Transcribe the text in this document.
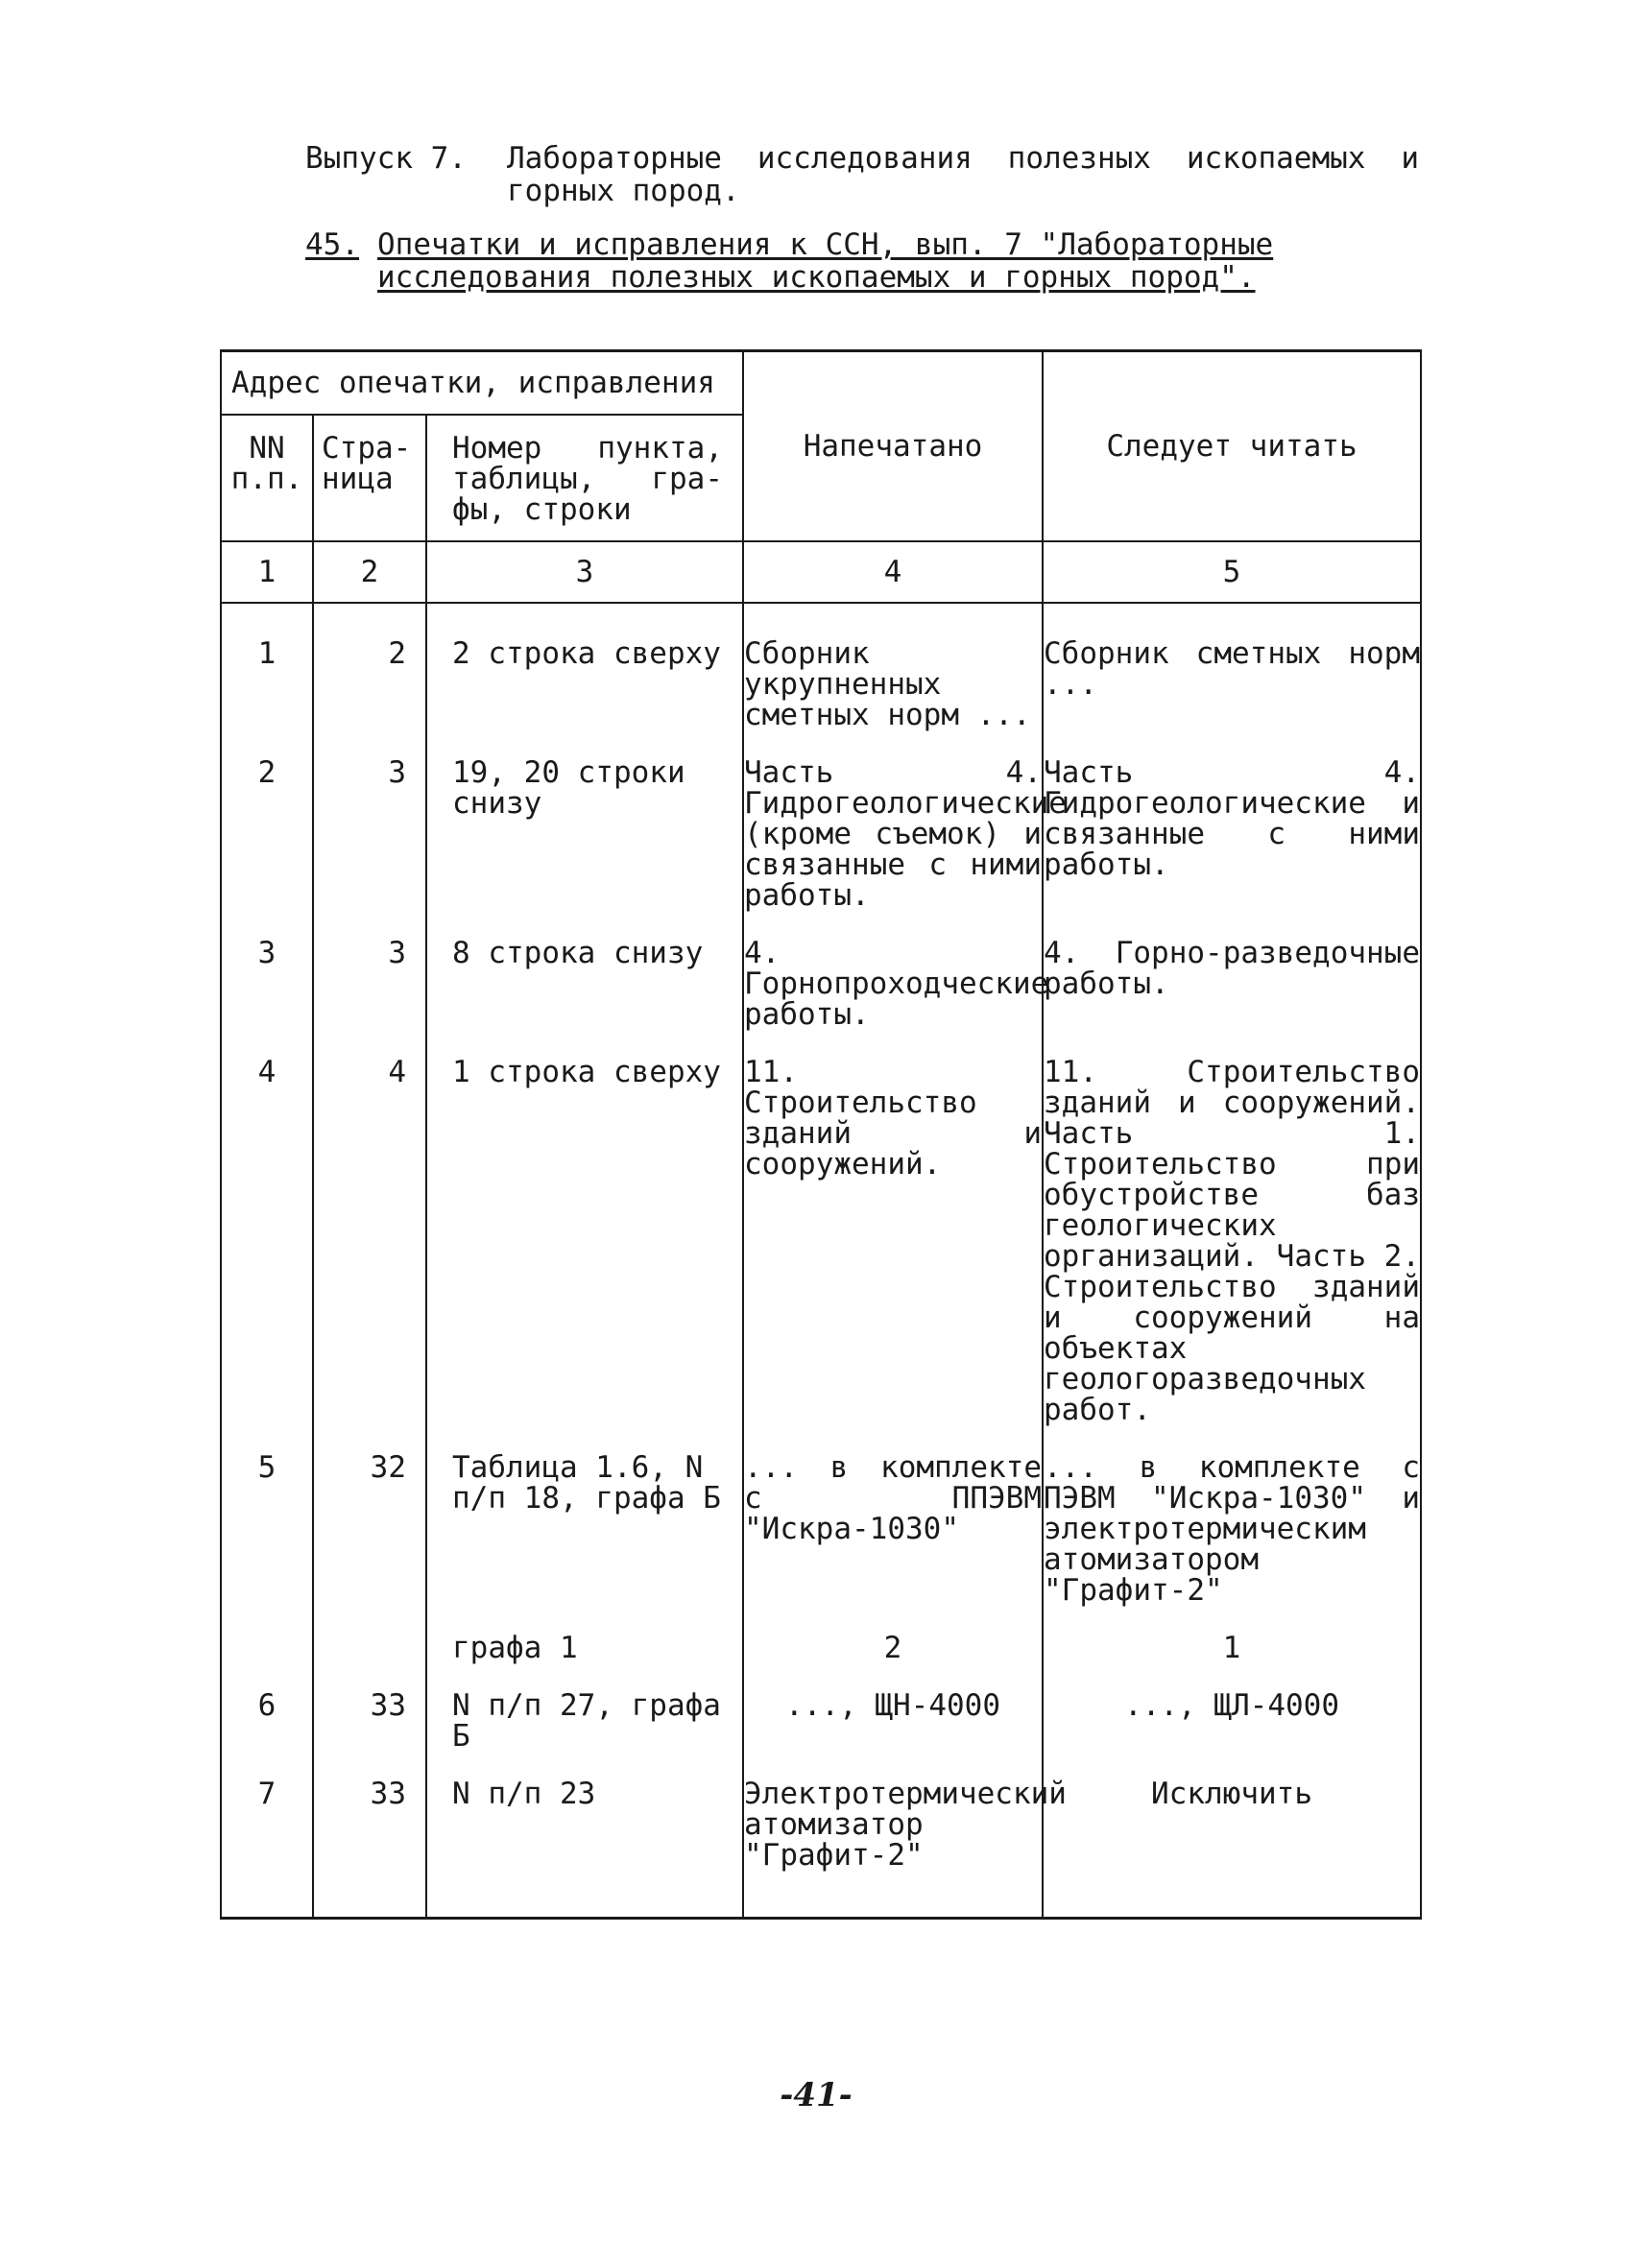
Выпуск 7.	Лабораторные исследования полезных ископаемых и горных пород.
45. Опечатки и исправления к ССН, вып. 7 "Лабораторные исследования полезных ископаемых и горных пород".
Адрес опечатки, исправления			Напечатано	Следует читать

NN п.п.	Стра- ница	Номер пункта, таблицы, гра- фы, строки		

1	2	3	4	5

1	2	2 строка сверху	Сборник укрупненных сметных норм ...	Сборник сметных норм ...

2	3	19, 20 строки снизу	Часть 4. Гидрогеологические (кроме съемок) и связанные с ними работы.	Часть 4. Гидрогеологические и связанные с ними работы.

3	3	8 строка снизу	4. Горнопроходческие работы.	4. Горно-разведочные работы.

4	4	1 строка сверху	11. Строительство зданий и сооружений.	11. Строительство зданий и сооружений. Часть 1. Строительство при обустройстве баз геологических организаций. Часть 2. Строительство зданий и сооружений на объектах геологоразведочных работ.

5	32	Таблица 1.6, N п/п 18, графа Б	... в комплекте с ППЭВМ "Искра-1030"	... в комплекте с ПЭВМ "Искра-1030" и электротермическим атомизатором "Графит-2"

		графа 1	2	1

6	33	N п/п 27, графа Б	..., ЩН-4000	..., ЩЛ-4000

7	33	N п/п 23	Электротермический атомизатор "Графит-2"	Исключить

-41-
